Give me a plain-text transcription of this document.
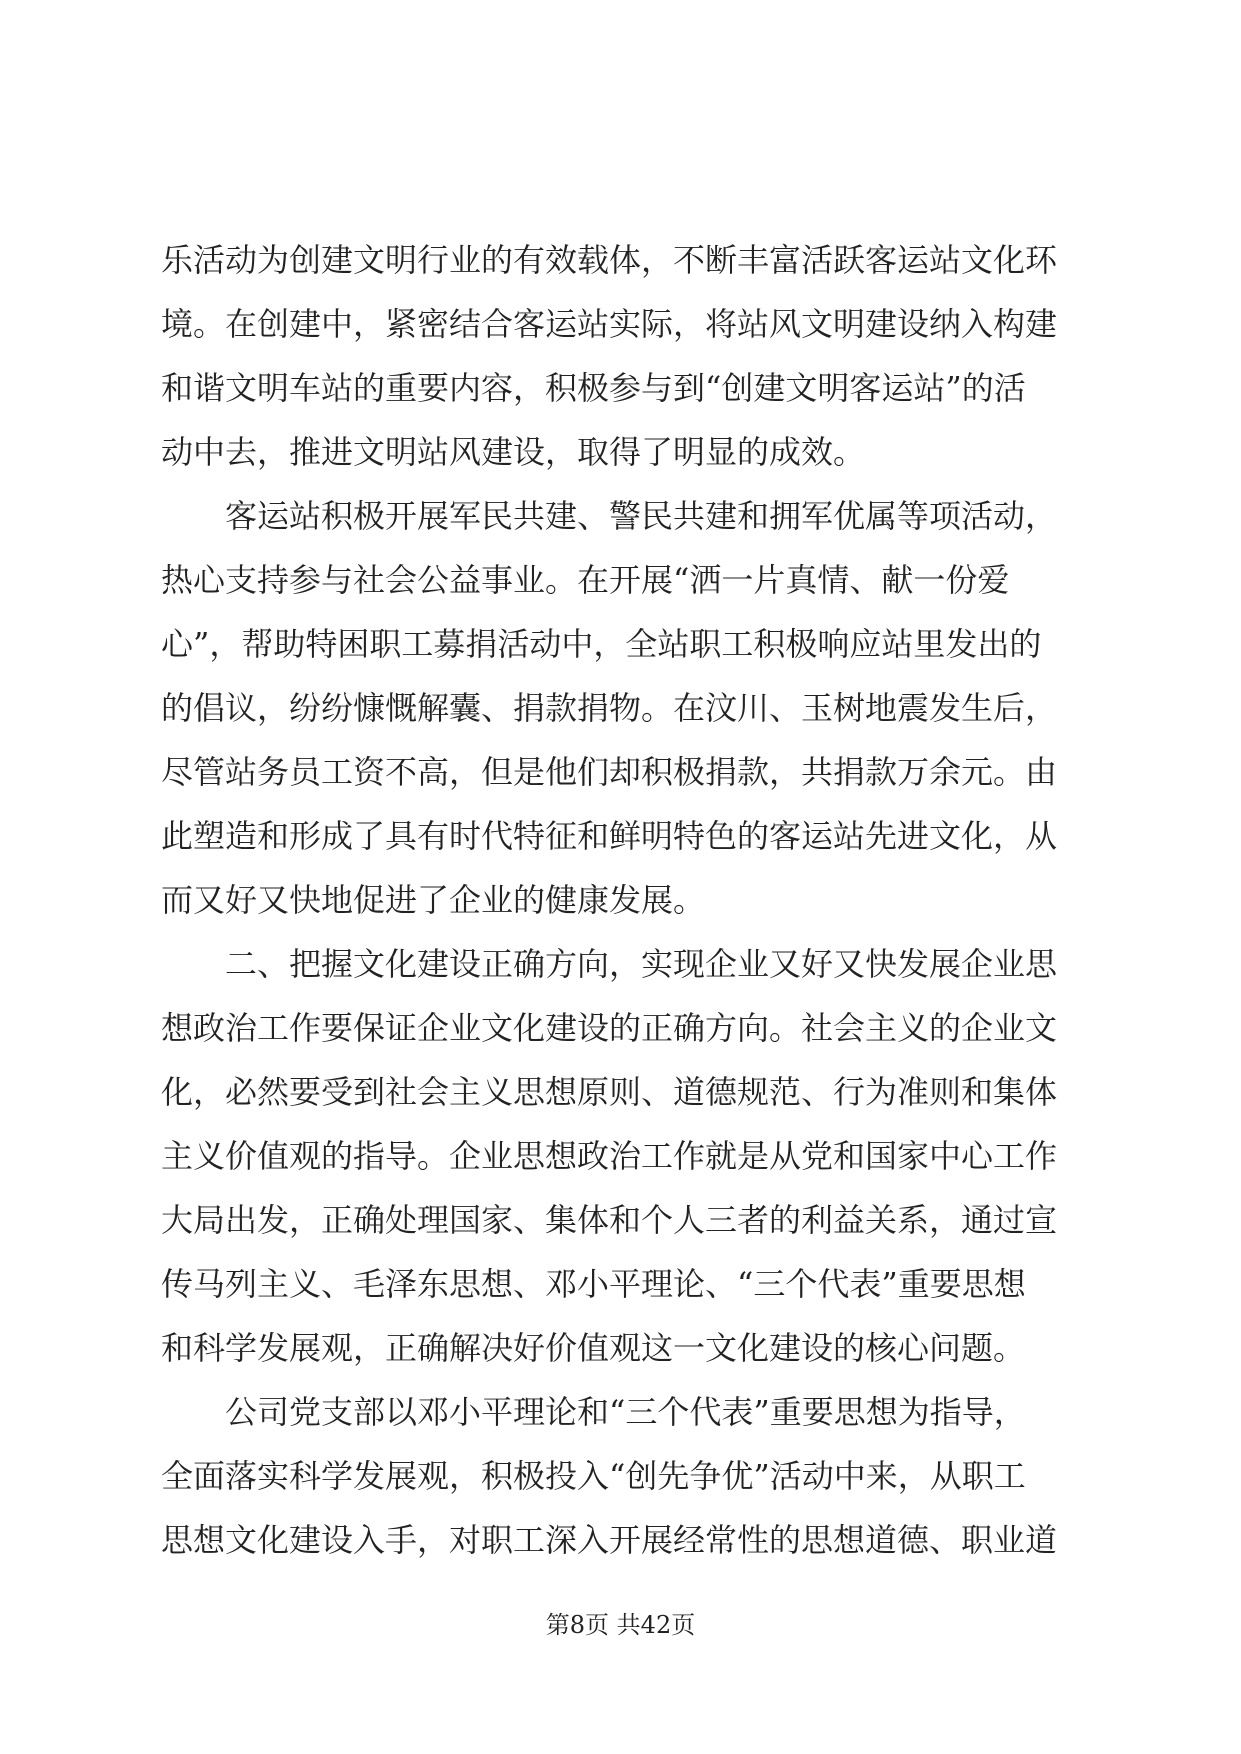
乐活动为创建文明行业的有效载体，不断丰富活跃客运站文化环
境。在创建中，紧密结合客运站实际，将站风文明建设纳入构建
和谐文明车站的重要内容，积极参与到“创建文明客运站”的活
动中去，推进文明站风建设，取得了明显的成效。
　　客运站积极开展军民共建、警民共建和拥军优属等项活动，
热心支持参与社会公益事业。在开展“洒一片真情、献一份爱
心”，帮助特困职工募捐活动中，全站职工积极响应站里发出的
的倡议，纷纷慷慨解囊、捐款捐物。在汶川、玉树地震发生后，
尽管站务员工资不高，但是他们却积极捐款，共捐款万余元。由
此塑造和形成了具有时代特征和鲜明特色的客运站先进文化，从
而又好又快地促进了企业的健康发展。
　　二、把握文化建设正确方向，实现企业又好又快发展企业思
想政治工作要保证企业文化建设的正确方向。社会主义的企业文
化，必然要受到社会主义思想原则、道德规范、行为准则和集体
主义价值观的指导。企业思想政治工作就是从党和国家中心工作
大局出发，正确处理国家、集体和个人三者的利益关系，通过宣
传马列主义、毛泽东思想、邓小平理论、“三个代表”重要思想
和科学发展观，正确解决好价值观这一文化建设的核心问题。
　　公司党支部以邓小平理论和“三个代表”重要思想为指导，
全面落实科学发展观，积极投入“创先争优”活动中来，从职工
思想文化建设入手，对职工深入开展经常性的思想道德、职业道
第8页 共42页
